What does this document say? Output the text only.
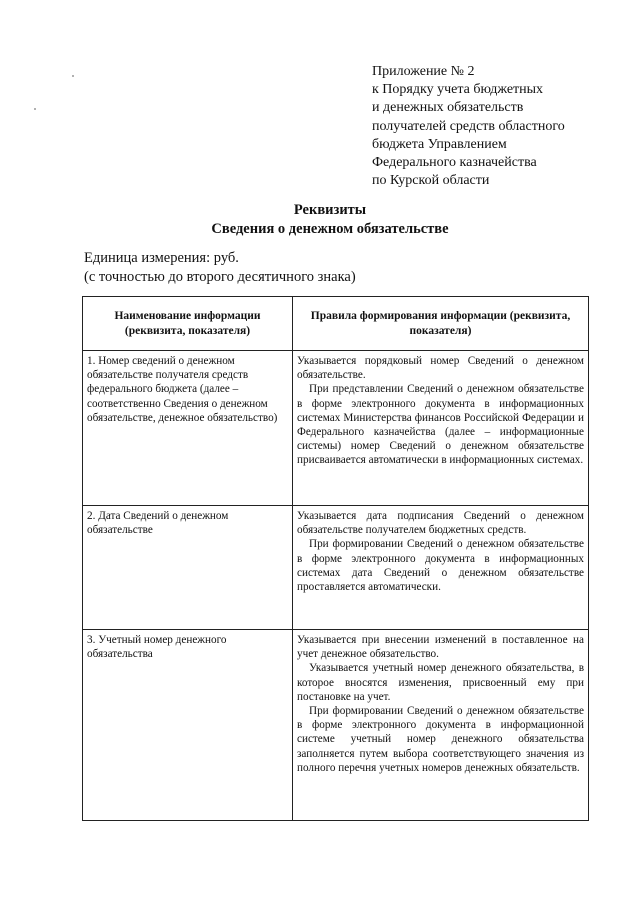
Приложение № 2
к Порядку учета бюджетных
и денежных обязательств
получателей средств областного
бюджета Управлением
Федерального казначейства
по Курской области
Реквизиты
Сведения о денежном обязательстве
Единица измерения: руб.
(с точностью до второго десятичного знака)
Наименование информации (реквизита, показателя)	Правила формирования информации (реквизита, показателя)
1. Номер сведений о денежном обязательстве получателя средств федерального бюджета (далее – соответственно Сведения о денежном обязательстве, денежное обязательство)	Указывается порядковый номер Сведений о денежном обязательстве.

При представлении Сведений о денежном обязательстве в форме электронного документа в информационных системах Министерства финансов Российской Федерации и Федерального казначейства (далее – информационные системы) номер Сведений о денежном обязательстве присваивается автоматически в информационных системах.

2. Дата Сведений о денежном обязательстве	Указывается дата подписания Сведений о денежном обязательстве получателем бюджетных средств.

При формировании Сведений о денежном обязательстве в форме электронного документа в информационных системах дата Сведений о денежном обязательстве проставляется автоматически.

3. Учетный номер денежного обязательства	Указывается при внесении изменений в поставленное на учет денежное обязательство.

Указывается учетный номер денежного обязательства, в которое вносятся изменения, присвоенный ему при постановке на учет.

При формировании Сведений о денежном обязательстве в форме электронного документа в информационной системе учетный номер денежного обязательства заполняется путем выбора соответствующего значения из полного перечня учетных номеров денежных обязательств.
